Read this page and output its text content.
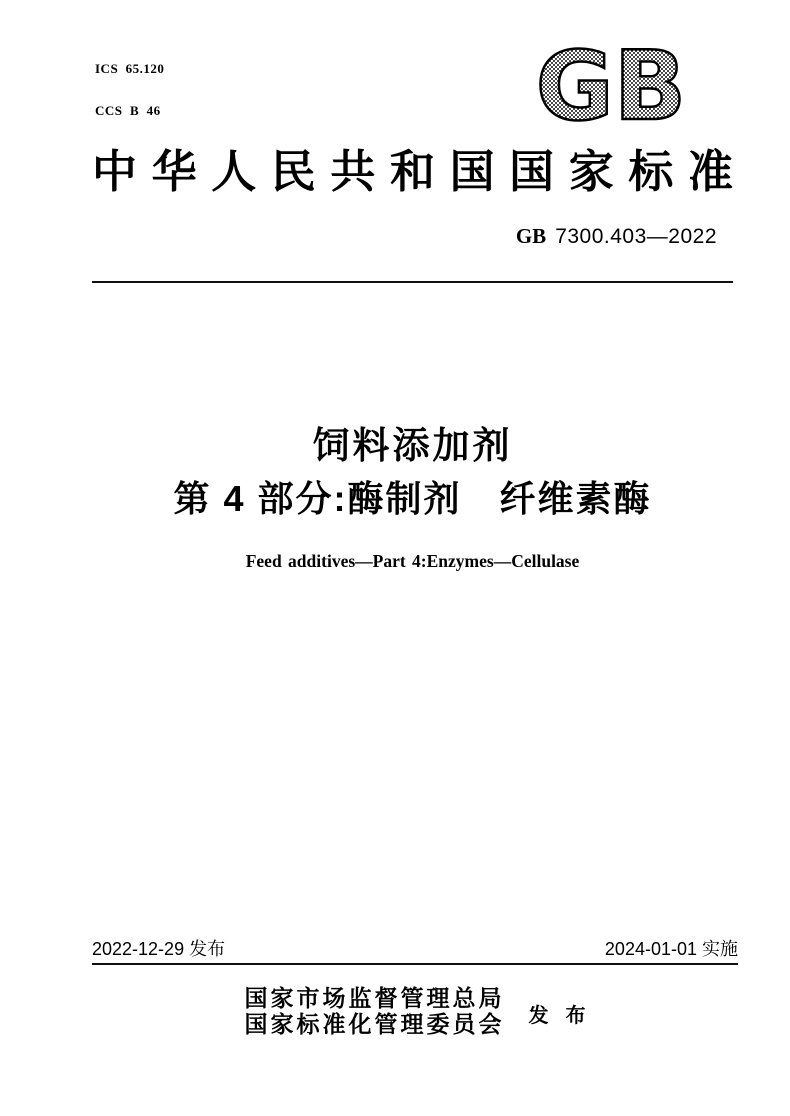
ICS  65.120

CCS  B  46

	GB
中 华 人 民 共 和 国 国 家 标 准
GB 7300.403—2022
饲料添加剂
第 4 部分:酶制剂　纤维素酶
Feed additives—Part 4:Enzymes—Cellulase
2022-12-29 发布	2024-01-01 实施
国家市场监督管理总局
国家标准化管理委员会 发 布
